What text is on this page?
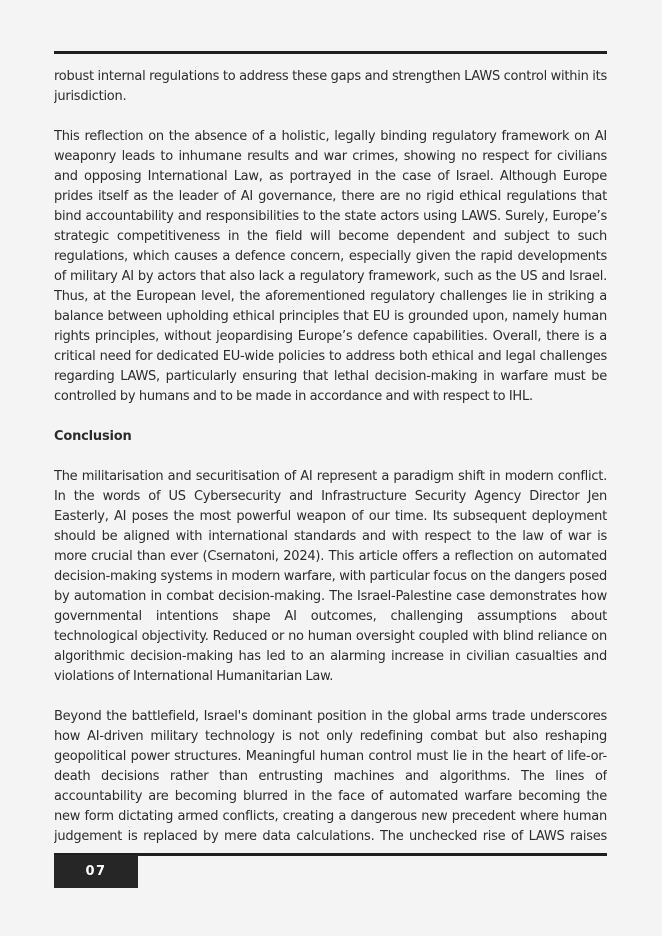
robust internal regulations to address these gaps and strengthen LAWS control within its jurisdiction.

This reflection on the absence of a holistic, legally binding regulatory framework on AI weaponry leads to inhumane results and war crimes, showing no respect for civilians and opposing International Law, as portrayed in the case of Israel. Although Europe prides itself as the leader of AI governance, there are no rigid ethical regulations that bind accountability and responsibilities to the state actors using LAWS. Surely, Europe’s strategic competitiveness in the field will become dependent and subject to such regulations, which causes a defence concern, especially given the rapid developments of military AI by actors that also lack a regulatory framework, such as the US and Israel. Thus, at the European level, the aforementioned regulatory challenges lie in striking a balance between upholding ethical principles that EU is grounded upon, namely human rights principles, without jeopardising Europe’s defence capabilities. Overall, there is a critical need for dedicated EU-wide policies to address both ethical and legal challenges regarding LAWS, particularly ensuring that lethal decision-making in warfare must be controlled by humans and to be made in accordance and with respect to IHL.

Conclusion

The militarisation and securitisation of AI represent a paradigm shift in modern conflict. In the words of US Cybersecurity and Infrastructure Security Agency Director Jen Easterly, AI poses the most powerful weapon of our time. Its subsequent deployment should be aligned with international standards and with respect to the law of war is more crucial than ever (Csernatoni, 2024). This article offers a reflection on automated decision-making systems in modern warfare, with particular focus on the dangers posed by automation in combat decision-making. The Israel-Palestine case demonstrates how governmental intentions shape AI outcomes, challenging assumptions about technological objectivity. Reduced or no human oversight coupled with blind reliance on algorithmic decision-making has led to an alarming increase in civilian casualties and violations of International Humanitarian Law.

Beyond the battlefield, Israel's dominant position in the global arms trade underscores how AI-driven military technology is not only redefining combat but also reshaping geopolitical power structures. Meaningful human control must lie in the heart of life-or-death decisions rather than entrusting machines and algorithms. The lines of accountability are becoming blurred in the face of automated warfare becoming the new form dictating armed conflicts, creating a dangerous new precedent where human judgement is replaced by mere data calculations. The unchecked rise of LAWS raises

07
